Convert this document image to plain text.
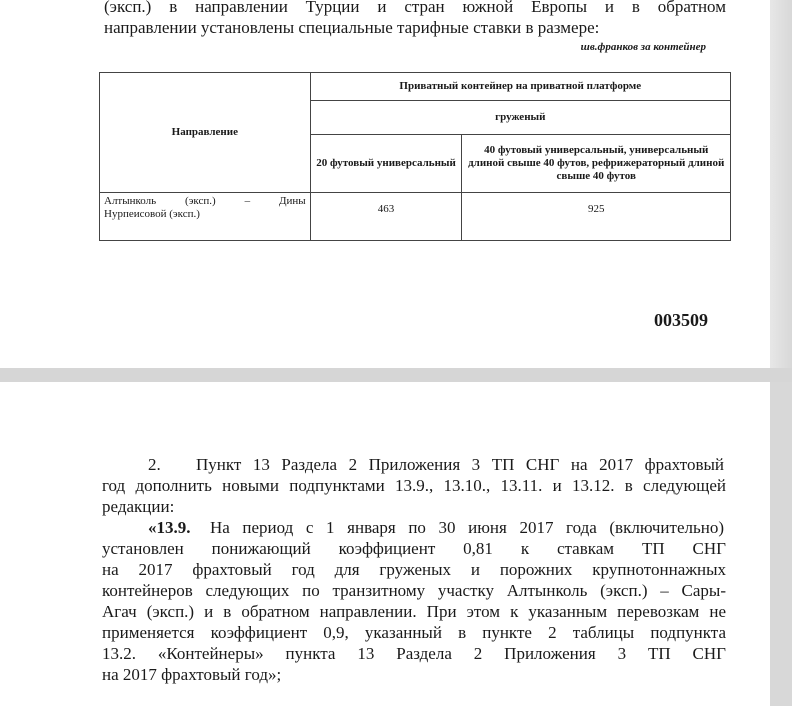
(эксп.) в направлении Турции и стран южной Европы и в обратном
направлении установлены специальные тарифные ставки в размере:
шв.франков за контейнер
Направление	Приватный контейнер на приватной платформе	
	груженый	
	20 футовый универсальный	40 футовый универсальный, универсальный длиной свыше 40 футов, рефрижераторный длиной свыше 40 футов

Алтынколь (эксп.) – Дины
Нурпеисовой (эксп.)	463	925
003509
2. Пункт 13 Раздела 2 Приложения 3 ТП СНГ на 2017 фрахтовый
год дополнить новыми подпунктами 13.9., 13.10., 13.11. и 13.12. в следующей
редакции:
«13.9. На период с 1 января по 30 июня 2017 года (включительно)
установлен понижающий коэффициент 0,81 к ставкам ТП СНГ
на 2017 фрахтовый год для груженых и порожних крупнотоннажных
контейнеров следующих по транзитному участку Алтынколь (эксп.) – Сары-
Агач (эксп.) и в обратном направлении. При этом к указанным перевозкам не
применяется коэффициент 0,9, указанный в пункте 2 таблицы подпункта
13.2. «Контейнеры» пункта 13 Раздела 2 Приложения 3 ТП СНГ
на 2017 фрахтовый год»;
